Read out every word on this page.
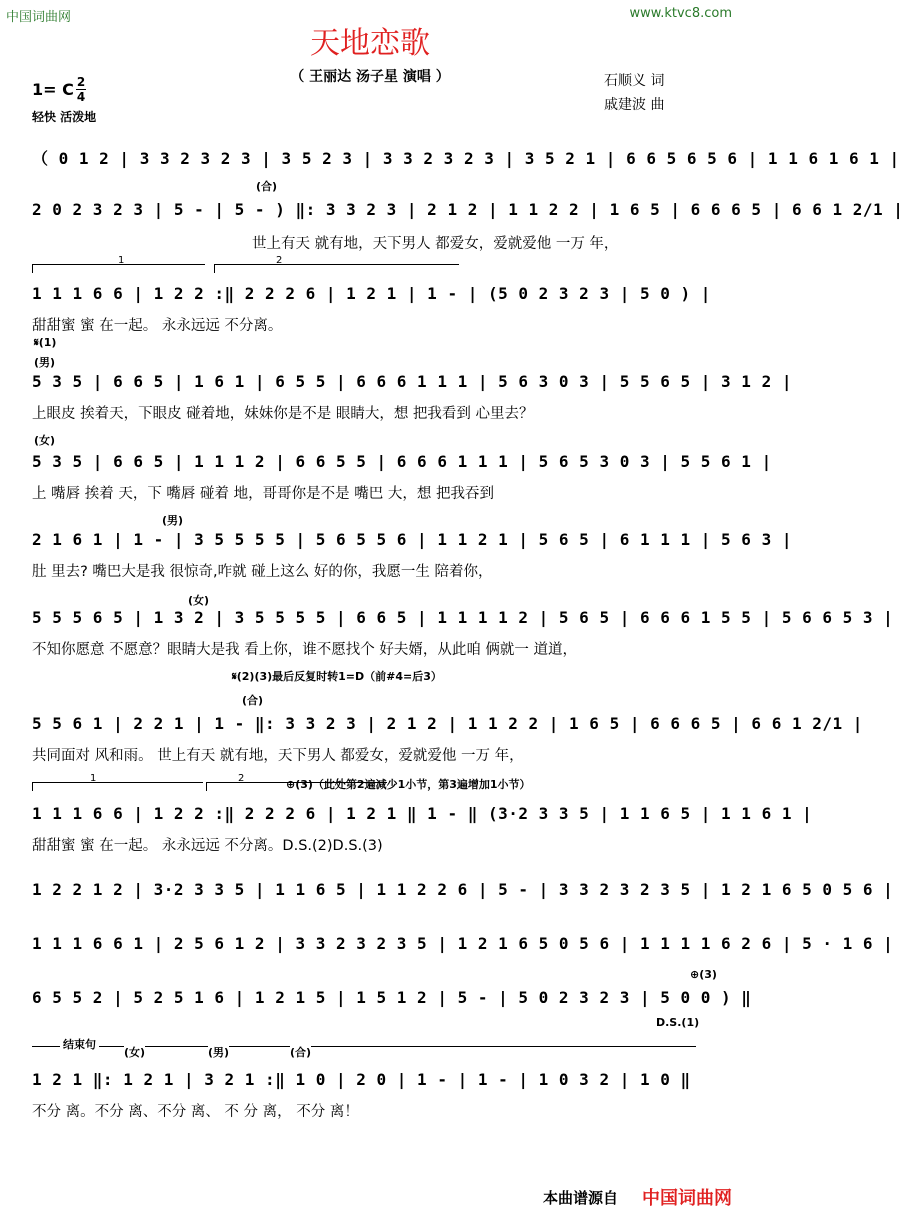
中国词曲网	www.ktvc8.com
天地恋歌
（ 王丽达 汤子星 演唱 ）	石顺义 词
戚建波 曲
1= C 2
4
轻快 活泼地
（ 0 1 2 | 3 3 2 3 2 3 | 3 5 2 3 | 3 3 2 3 2 3 | 3 5 2 1 | 6 6 5 6 5 6 | 1 1 6 1 6 1 |
(合)
2 0 2 3 2 3 | 5 - | 5 - ) ‖: 3 3 2 3 | 2 1 2 | 1 1 2 2 | 1 6 5 | 6 6 6 5 | 6 6 1 2/1 |
世上有天 就有地，天下男人 都爱女，爱就爱他 一万 年，
1	2
1 1 1 6 6 | 1 2 2 :‖ 2 2 2 6 | 1 2 1 | 1 - | (5 0 2 3 2 3 | 5 0 ) |
甜甜蜜 蜜 在一起。 永永远远 不分离。
𝄋(1)
(男)
5 3 5 | 6 6 5 | 1 6 1 | 6 5 5 | 6 6 6 1 1 1 | 5 6 3 0 3 | 5 5 6 5 | 3 1 2 |
上眼皮 挨着天，下眼皮 碰着地，妹妹你是不是 眼睛大，想 把我看到 心里去？
(女)
5 3 5 | 6 6 5 | 1 1 1 2 | 6 6 5 5 | 6 6 6 1 1 1 | 5 6 5 3 0 3 | 5 5 6 1 |
上 嘴唇 挨着 天，下 嘴唇 碰着 地，哥哥你是不是 嘴巴 大，想 把我吞到
(男)
2 1 6 1 | 1 - | 3 5 5 5 5 | 5 6 5 5 6 | 1 1 2 1 | 5 6 5 | 6 1 1 1 | 5 6 3 |
肚 里去? 嘴巴大是我 很惊奇,咋就 碰上这么 好的你，我愿一生 陪着你，
(女)
5 5 5 6 5 | 1 3 2 | 3 5 5 5 5 | 6 6 5 | 1 1 1 1 2 | 5 6 5 | 6 6 6 1 5 5 | 5 6 6 5 3 |
不知你愿意 不愿意？眼睛大是我 看上你，谁不愿找个 好夫婿，从此咱 俩就一 道道，
𝄋(2)(3)最后反复时转1=D（前#4=后3）
(合)
5 5 6 1 | 2 2 1 | 1 - ‖: 3 3 2 3 | 2 1 2 | 1 1 2 2 | 1 6 5 | 6 6 6 5 | 6 6 1 2/1 |
共同面对 风和雨。 世上有天 就有地，天下男人 都爱女，爱就爱他 一万 年，
1	2	⊕(3)（此处第2遍减少1小节，第3遍增加1小节）
1 1 1 6 6 | 1 2 2 :‖ 2 2 2 6 | 1 2 1 ‖ 1 - ‖ (3·2 3 3 5 | 1 1 6 5 | 1 1 6 1 |
甜甜蜜 蜜 在一起。 永永远远 不分离。D.S.(2)D.S.(3)
1 2 2 1 2 | 3·2 3 3 5 | 1 1 6 5 | 1 1 2 2 6 | 5 - | 3 3 2 3 2 3 5 | 1 2 1 6 5 0 5 6 |
1 1 1 6 6 1 | 2 5 6 1 2 | 3 3 2 3 2 3 5 | 1 2 1 6 5 0 5 6 | 1 1 1 1 6 2 6 | 5 · 1 6 |
⊕(3)
6 5 5 2 | 5 2 5 1 6 | 1 2 1 5 | 1 5 1 2 | 5 - | 5 0 2 3 2 3 | 5 0 0 ) ‖
D.S.(1)
结束句
(女)	(男)	(合)
1 2 1 ‖: 1 2 1 | 3 2 1 :‖ 1 0 | 2 0 | 1 - | 1 - | 1 0 3 2 | 1 0 ‖
不分 离。不分 离、不分 离、 不 分 离， 不分 离！
本曲谱源自 中国词曲网
